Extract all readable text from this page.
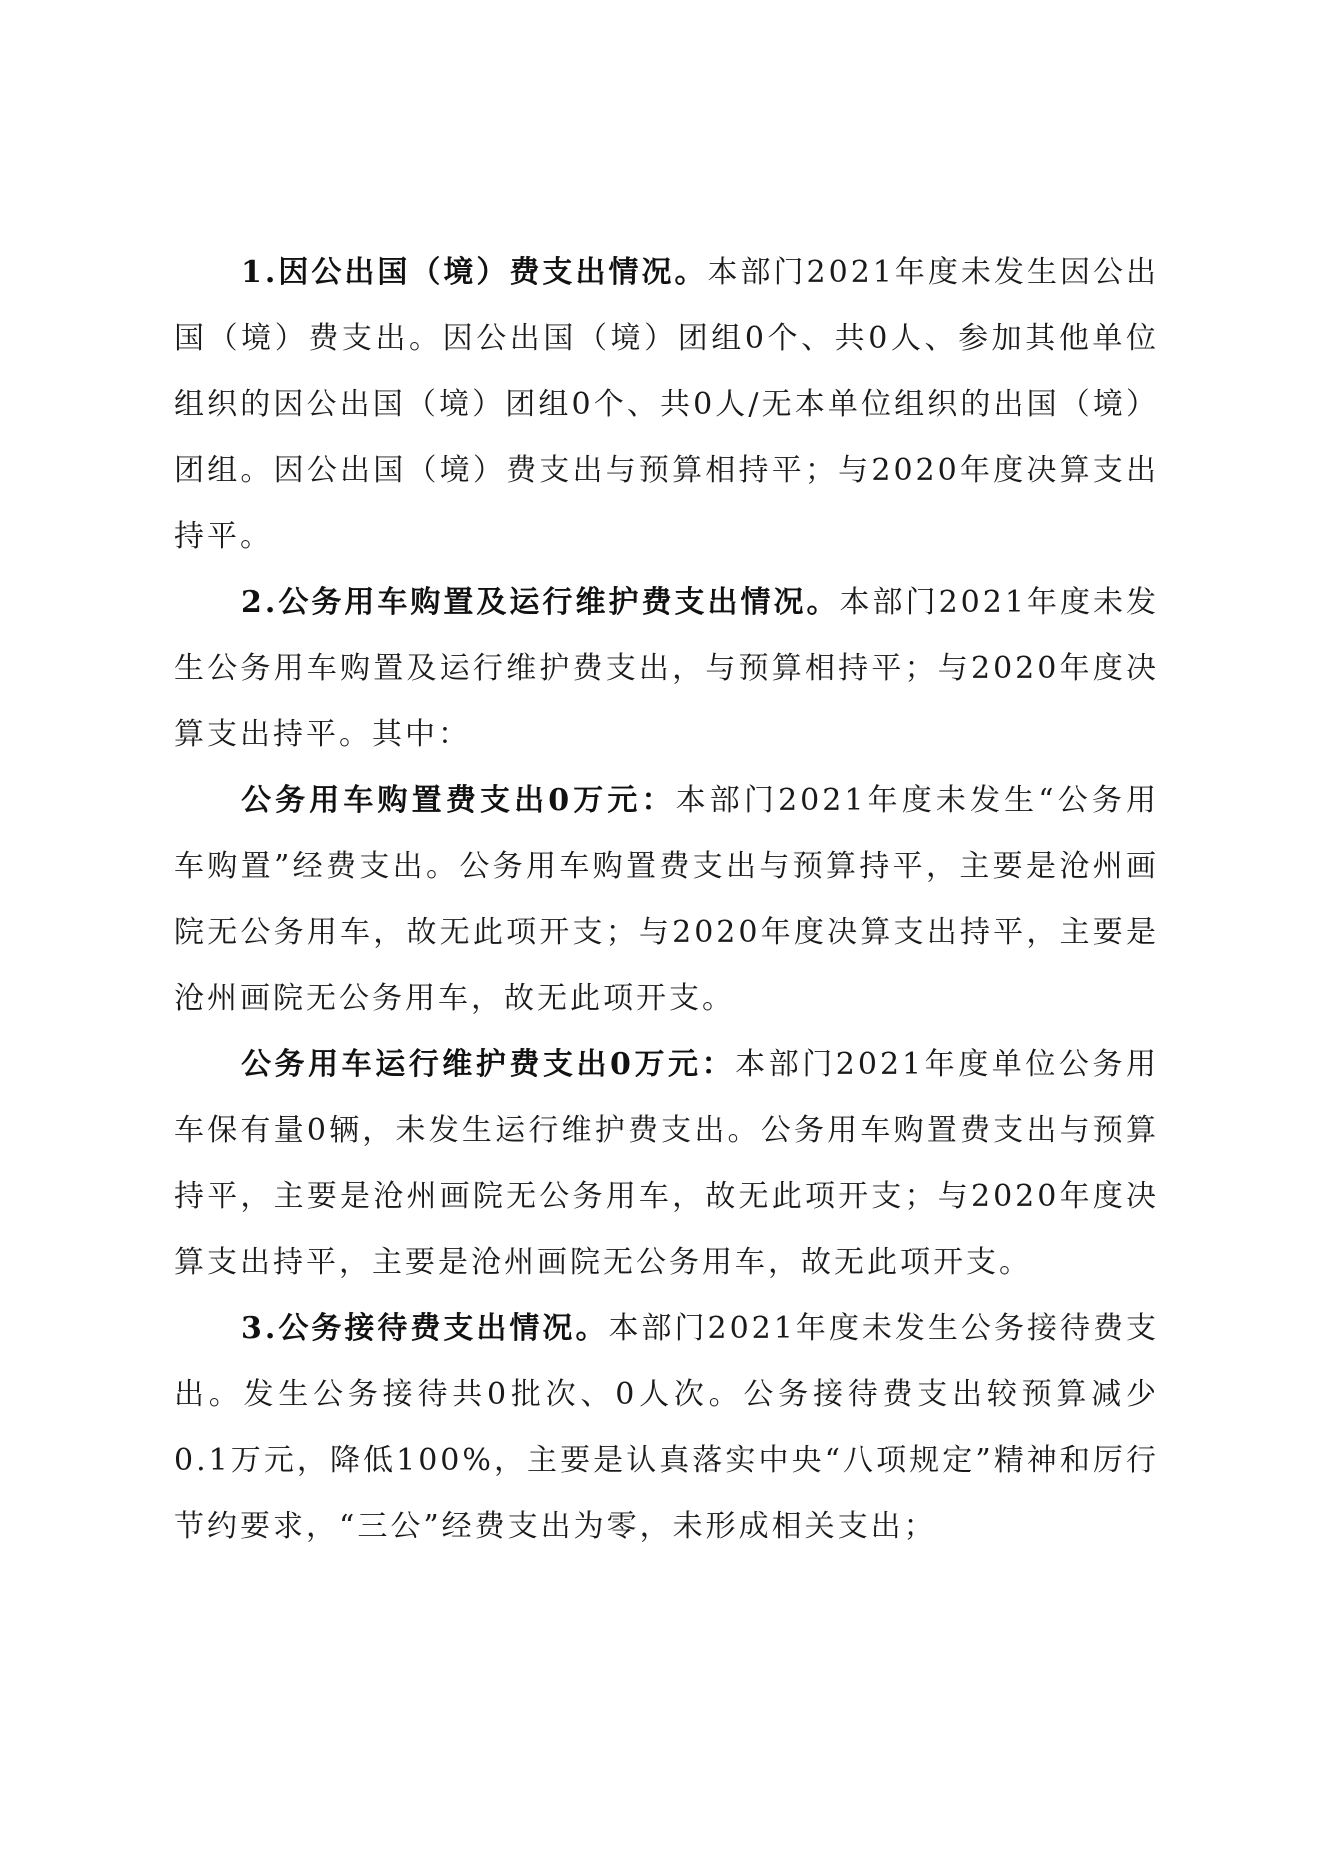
1.因公出国（境）费支出情况。本部门2021年度未发生因公出国（境）费支出。因公出国（境）团组0个、共0人、参加其他单位组织的因公出国（境）团组0个、共0人/无本单位组织的出国（境）团组。因公出国（境）费支出与预算相持平；与2020年度决算支出持平。

2.公务用车购置及运行维护费支出情况。本部门2021年度未发生公务用车购置及运行维护费支出，与预算相持平；与2020年度决算支出持平。其中：

公务用车购置费支出0万元：本部门2021年度未发生“公务用车购置”经费支出。公务用车购置费支出与预算持平，主要是沧州画院无公务用车，故无此项开支；与2020年度决算支出持平，主要是沧州画院无公务用车，故无此项开支。

公务用车运行维护费支出0万元：本部门2021年度单位公务用车保有量0辆，未发生运行维护费支出。公务用车购置费支出与预算持平，主要是沧州画院无公务用车，故无此项开支；与2020年度决算支出持平，主要是沧州画院无公务用车，故无此项开支。

3.公务接待费支出情况。本部门2021年度未发生公务接待费支出。发生公务接待共0批次、0人次。公务接待费支出较预算减少0.1万元，降低100%，主要是认真落实中央“八项规定”精神和厉行节约要求，“三公”经费支出为零，未形成相关支出；
